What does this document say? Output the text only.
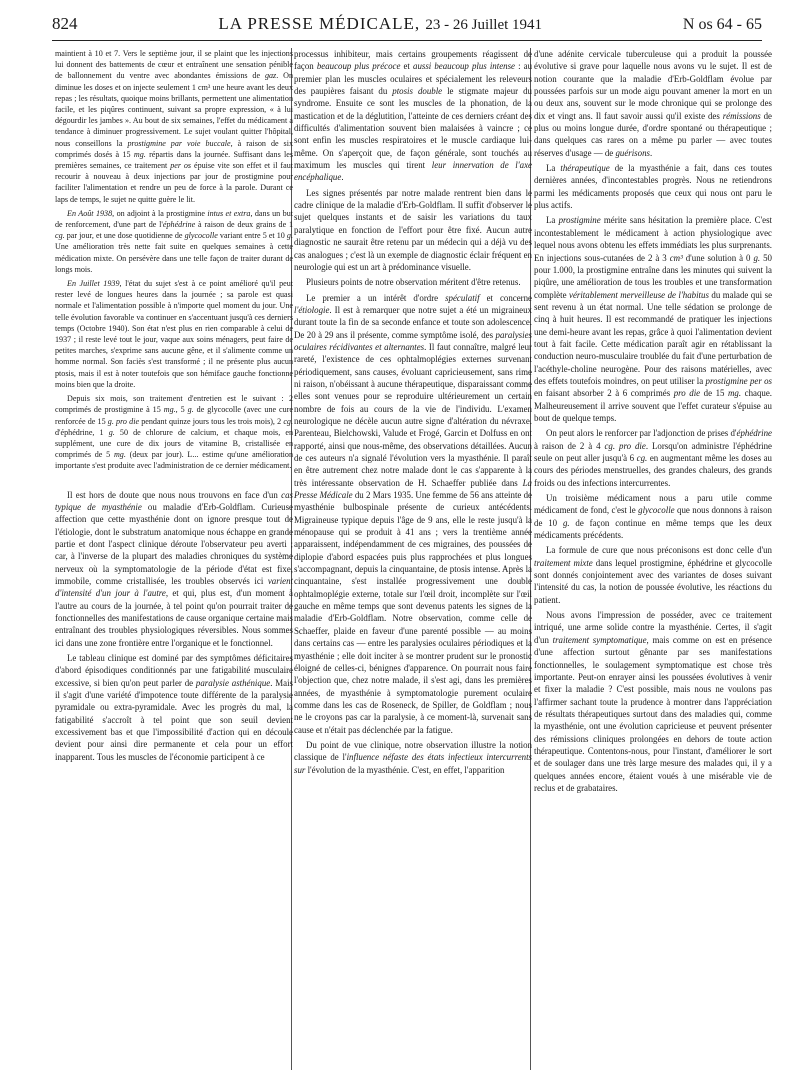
824	LA PRESSE MÉDICALE, 23 - 26 Juillet 1941	N os 64 - 65

maintient à 10 et 7. Vers le septième jour, il se plaint que les injections lui donnent des battements de cœur et entraînent une sensation pénible de ballonnement du ventre avec abondantes émissions de gaz. On diminue les doses et on injecte seulement 1 cm³ une heure avant les deux repas ; les résultats, quoique moins brillants, permettent une alimentation facile, et les piqûres continuent, suivant sa propre expression, « à lui dégourdir les jambes ». Au bout de six semaines, l'effet du médicament a tendance à diminuer progressivement. Le sujet voulant quitter l'hôpital, nous conseillons la prostigmine par voie buccale, à raison de six comprimés dosés à 15 mg. répartis dans la journée. Suffisant dans les premières semaines, ce traitement per os épuise vite son effet et il faut recourir à nouveau à deux injections par jour de prostigmine pour faciliter l'alimentation et rendre un peu de force à la parole. Durant ce laps de temps, le sujet ne quitte guère le lit.

En Août 1938, on adjoint à la prostigmine intus et extra, dans un but de renforcement, d'une part de l'éphédrine à raison de deux grains de 1 cg. par jour, et une dose quotidienne de glycocolle variant entre 5 et 10 g. Une amélioration très nette fait suite en quelques semaines à cette médication mixte. On persévère dans une telle façon de traiter durant de longs mois.

En Juillet 1939, l'état du sujet s'est à ce point amélioré qu'il peut rester levé de longues heures dans la journée ; sa parole est quasi normale et l'alimentation possible à n'importe quel moment du jour. Une telle évolution favorable va continuer en s'accentuant jusqu'à ces derniers temps (Octobre 1940). Son état n'est plus en rien comparable à celui de 1937 ; il reste levé tout le jour, vaque aux soins ménagers, peut faire de petites marches, s'exprime sans aucune gêne, et il s'alimente comme un homme normal. Son faciès s'est transformé ; il ne présente plus aucun ptosis, mais il est à noter toutefois que son hémiface gauche fonctionne moins bien que la droite.

Depuis six mois, son traitement d'entretien est le suivant : 2 comprimés de prostigmine à 15 mg., 5 g. de glycocolle (avec une cure renforcée de 15 g. pro die pendant quinze jours tous les trois mois), 2 cg. d'éphédrine, 1 g. 50 de chlorure de calcium, et chaque mois, en supplément, une cure de dix jours de vitamine B, cristallisée en comprimés de 5 mg. (deux par jour). L... estime qu'une amélioration importante s'est produite avec l'administration de ce dernier médicament.

Il est hors de doute que nous nous trouvons en face d'un cas typique de myasthénie ou maladie d'Erb-Goldflam. Curieuse affection que cette myasthénie dont on ignore presque tout de l'étiologie, dont le substratum anatomique nous échappe en grande partie et dont l'aspect clinique déroute l'observateur peu averti ; car, à l'inverse de la plupart des maladies chroniques du système nerveux où la symptomatologie de la période d'état est fixe, immobile, comme cristallisée, les troubles observés ici varient d'intensité d'un jour à l'autre, et qui, plus est, d'un moment à l'autre au cours de la journée, à tel point qu'on pourrait traiter de fonctionnelles des manifestations de cause organique certaine mais entraînant des troubles physiologiques réversibles. Nous sommes ici dans une zone frontière entre l'organique et le fonctionnel.

Le tableau clinique est dominé par des symptômes déficitaires d'abord épisodiques conditionnés par une fatigabilité musculaire excessive, si bien qu'on peut parler de paralysie asthénique. Mais il s'agit d'une variété d'impotence toute différente de la paralysie pyramidale ou extra-pyramidale. Avec les progrès du mal, la fatigabilité s'accroît à tel point que son seuil devient excessivement bas et que l'impossibilité d'action qui en découle devient pour ainsi dire permanente et cela pour un effort inapparent. Tous les muscles de l'économie participent à ce

processus inhibiteur, mais certains groupements réagissent de façon beaucoup plus précoce et aussi beaucoup plus intense : au premier plan les muscles oculaires et spécialement les releveurs des paupières faisant du ptosis double le stigmate majeur du syndrome. Ensuite ce sont les muscles de la phonation, de la mastication et de la déglutition, l'atteinte de ces derniers créant des difficultés d'alimentation souvent bien malaisées à vaincre ; ce sont enfin les muscles respiratoires et le muscle cardiaque lui-même. On s'aperçoit que, de façon générale, sont touchés au maximum les muscles qui tirent leur innervation de l'axe encéphalique.

Les signes présentés par notre malade rentrent bien dans le cadre clinique de la maladie d'Erb-Goldflam. Il suffit d'observer le sujet quelques instants et de saisir les variations du taux paralytique en fonction de l'effort pour être fixé. Aucun autre diagnostic ne saurait être retenu par un médecin qui a déjà vu des cas analogues ; c'est là un exemple de diagnostic éclair fréquent en neurologie qui est un art à prédominance visuelle.

Plusieurs points de notre observation méritent d'être retenus.

Le premier a un intérêt d'ordre spéculatif et concerne l'étiologie. Il est à remarquer que notre sujet a été un migraineux durant toute la fin de sa seconde enfance et toute son adolescence. De 20 à 29 ans il présente, comme symptôme isolé, des paralysies oculaires récidivantes et alternantes. Il faut connaître, malgré leur rareté, l'existence de ces ophtalmoplégies externes survenant périodiquement, sans causes, évoluant capricieusement, sans rime ni raison, n'obéissant à aucune thérapeutique, disparaissant comme elles sont venues pour se reproduire ultérieurement un certain nombre de fois au cours de la vie de l'individu. L'examen neurologique ne décèle aucun autre signe d'altération du névraxe. Parenteau, Bielchowski, Valude et Frogé, Garcin et Dolfuss en ont rapporté, ainsi que nous-même, des observations détaillées. Aucun de ces auteurs n'a signalé l'évolution vers la myasthénie. Il paraît en être autrement chez notre malade dont le cas s'apparente à la très intéressante observation de H. Schaeffer publiée dans La Presse Médicale du 2 Mars 1935. Une femme de 56 ans atteinte de myasthénie bulbospinale présente de curieux antécédents. Migraineuse typique depuis l'âge de 9 ans, elle le reste jusqu'à la ménopause qui se produit à 41 ans ; vers la trentième année apparaissent, indépendamment de ces migraines, des poussées de diplopie d'abord espacées puis plus rapprochées et plus longues s'accompagnant, depuis la cinquantaine, de ptosis intense. Après la cinquantaine, s'est installée progressivement une double ophtalmoplégie externe, totale sur l'œil droit, incomplète sur l'œil gauche en même temps que sont devenus patents les signes de la maladie d'Erb-Goldflam. Notre observation, comme celle de Schaeffer, plaide en faveur d'une parenté possible — au moins dans certains cas — entre les paralysies oculaires périodiques et la myasthénie ; elle doit inciter à se montrer prudent sur le pronostic éloigné de celles-ci, bénignes d'apparence. On pourrait nous faire l'objection que, chez notre malade, il s'est agi, dans les premières années, de myasthénie à symptomatologie purement oculaire comme dans les cas de Roseneck, de Spiller, de Goldflam ; nous ne le croyons pas car la paralysie, à ce moment-là, survenait sans cause et n'était pas déclenchée par la fatigue.

Du point de vue clinique, notre observation illustre la notion classique de l'influence néfaste des états infectieux intercurrents sur l'évolution de la myasthénie. C'est, en effet, l'apparition

d'une adénite cervicale tuberculeuse qui a produit la poussée évolutive si grave pour laquelle nous avons vu le sujet. Il est de notion courante que la maladie d'Erb-Goldflam évolue par poussées parfois sur un mode aigu pouvant amener la mort en un ou deux ans, souvent sur le mode chronique qui se prolonge des dix et vingt ans. Il faut savoir aussi qu'il existe des rémissions de plus ou moins longue durée, d'ordre spontané ou thérapeutique ; dans quelques cas rares on a même pu parler — avec toutes réserves d'usage — de guérisons.

La thérapeutique de la myasthénie a fait, dans ces toutes dernières années, d'incontestables progrès. Nous ne retiendrons parmi les médicaments proposés que ceux qui nous ont paru le plus actifs.

La prostigmine mérite sans hésitation la première place. C'est incontestablement le médicament à action physiologique avec lequel nous avons obtenu les effets immédiats les plus surprenants. En injections sous-cutanées de 2 à 3 cm³ d'une solution à 0 g. 50 pour 1.000, la prostigmine entraîne dans les minutes qui suivent la piqûre, une amélioration de tous les troubles et une transformation complète véritablement merveilleuse de l'habitus du malade qui se sent revenu à un état normal. Une telle sédation se prolonge de cinq à huit heures. Il est recommandé de pratiquer les injections une demi-heure avant les repas, grâce à quoi l'alimentation devient tout à fait facile. Cette médication paraît agir en rétablissant la conduction neuro-musculaire troublée du fait d'une perturbation de l'acéthyle-choline neurogène. Pour des raisons matérielles, avec des effets toutefois moindres, on peut utiliser la prostigmine per os en faisant absorber 2 à 6 comprimés pro die de 15 mg. chaque. Malheureusement il arrive souvent que l'effet curateur s'épuise au bout de quelque temps.

On peut alors le renforcer par l'adjonction de prises d'éphédrine à raison de 2 à 4 cg. pro die. Lorsqu'on administre l'éphédrine seule on peut aller jusqu'à 6 cg. en augmentant même les doses au cours des périodes menstruelles, des grandes chaleurs, des grands froids ou des infections intercurrentes.

Un troisième médicament nous a paru utile comme médicament de fond, c'est le glycocolle que nous donnons à raison de 10 g. de façon continue en même temps que les deux médicaments précédents.

La formule de cure que nous préconisons est donc celle d'un traitement mixte dans lequel prostigmine, éphédrine et glycocolle sont donnés conjointement avec des variantes de doses suivant l'intensité du cas, la notion de poussée évolutive, les réactions du patient.

Nous avons l'impression de posséder, avec ce traitement intriqué, une arme solide contre la myasthénie. Certes, il s'agit d'un traitement symptomatique, mais comme on est en présence d'une affection surtout gênante par ses manifestations fonctionnelles, le soulagement symptomatique est chose très importante. Peut-on enrayer ainsi les poussées évolutives à venir et fixer la maladie ? C'est possible, mais nous ne voulons pas l'affirmer sachant toute la prudence à montrer dans l'appréciation de résultats thérapeutiques surtout dans des maladies qui, comme la myasthénie, ont une évolution capricieuse et peuvent présenter des rémissions cliniques prolongées en dehors de toute action thérapeutique. Contentons-nous, pour l'instant, d'améliorer le sort et de soulager dans une très large mesure des malades qui, il y a quelques années encore, étaient voués à une misérable vie de reclus et de grabataires.
